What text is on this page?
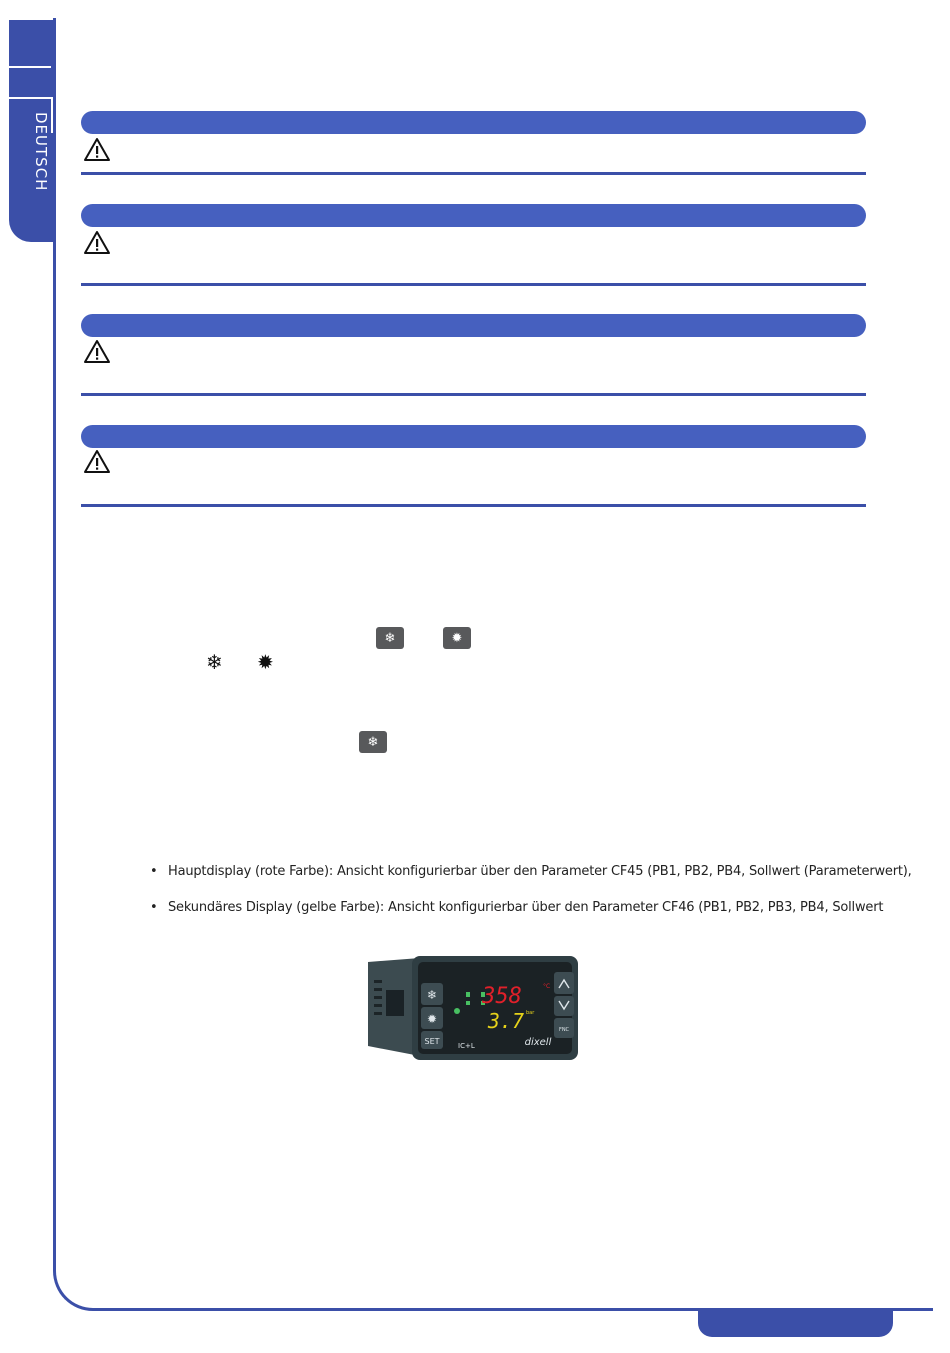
DEUTSCH
❄	✹
❄ ✹
❄
• Hauptdisplay (rote Farbe): Ansicht konfigurierbar über den Parameter CF45 (PB1, PB2, PB4, Sollwert (Parameterwert),
• Sekundäres Display (gelbe Farbe): Ansicht konfigurierbar über den Parameter CF46 (PB1, PB2, PB3, PB4, Sollwert
❄
✹
SET
FNC
358	°C
3.7 bar
IC+L	dixell
